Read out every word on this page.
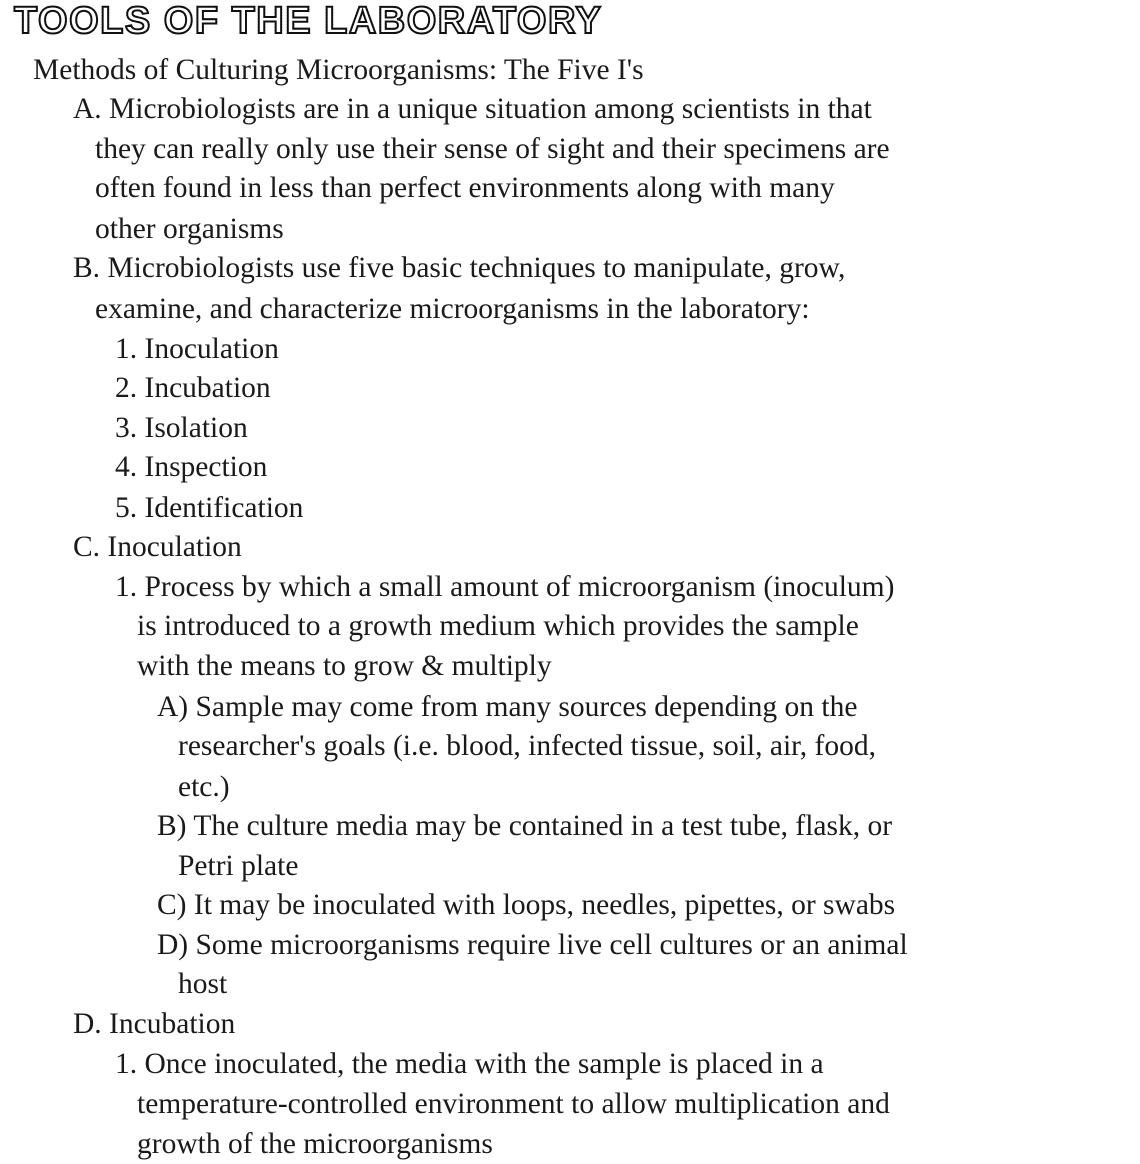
TOOLS OF THE LABORATORY
Methods of Culturing Microorganisms: The Five I's
A. Microbiologists are in a unique situation among scientists in that
they can really only use their sense of sight and their specimens are
often found in less than perfect environments along with many
other organisms
B. Microbiologists use five basic techniques to manipulate, grow,
examine, and characterize microorganisms in the laboratory:
1. Inoculation
2. Incubation
3. Isolation
4. Inspection
5. Identification
C. Inoculation
1. Process by which a small amount of microorganism (inoculum)
is introduced to a growth medium which provides the sample
with the means to grow & multiply
A) Sample may come from many sources depending on the
researcher's goals (i.e. blood, infected tissue, soil, air, food,
etc.)
B) The culture media may be contained in a test tube, flask, or
Petri plate
C) It may be inoculated with loops, needles, pipettes, or swabs
D) Some microorganisms require live cell cultures or an animal
host
D. Incubation
1. Once inoculated, the media with the sample is placed in a
temperature-controlled environment to allow multiplication and
growth of the microorganisms
